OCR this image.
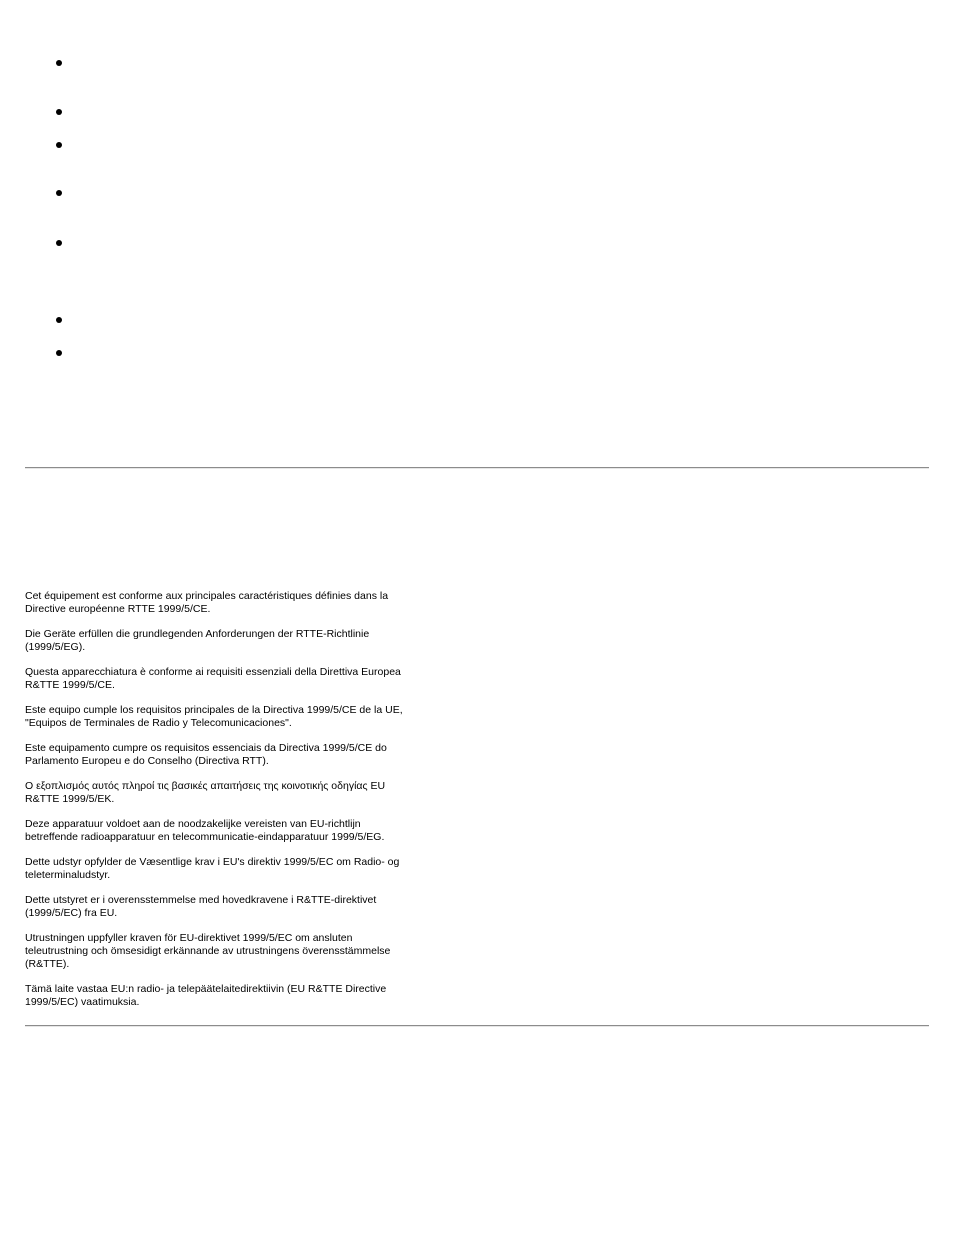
Cet équipement est conforme aux principales caractéristiques définies dans la
Directive européenne RTTE 1999/5/CE.

Die Geräte erfüllen die grundlegenden Anforderungen der RTTE-Richtlinie
(1999/5/EG).

Questa apparecchiatura è conforme ai requisiti essenziali della Direttiva Europea
R&TTE 1999/5/CE.

Este equipo cumple los requisitos principales de la Directiva 1999/5/CE de la UE,
"Equipos de Terminales de Radio y Telecomunicaciones".

Este equipamento cumpre os requisitos essenciais da Directiva 1999/5/CE do
Parlamento Europeu e do Conselho (Directiva RTT).

Ο εξοπλισμός αυτός πληροί τις βασικές απαιτήσεις της κοινοτικής οδηγίας EU
R&TTE 1999/5/EK.

Deze apparatuur voldoet aan de noodzakelijke vereisten van EU-richtlijn
betreffende radioapparatuur en telecommunicatie-eindapparatuur 1999/5/EG.

Dette udstyr opfylder de Væsentlige krav i EU's direktiv 1999/5/EC om Radio- og
teleterminaludstyr.

Dette utstyret er i overensstemmelse med hovedkravene i R&TTE-direktivet
(1999/5/EC) fra EU.

Utrustningen uppfyller kraven för EU-direktivet 1999/5/EC om ansluten
teleutrustning och ömsesidigt erkännande av utrustningens överensstämmelse
(R&TTE).

Tämä laite vastaa EU:n radio- ja telepäätelaitedirektiivin (EU R&TTE Directive
1999/5/EC) vaatimuksia.
